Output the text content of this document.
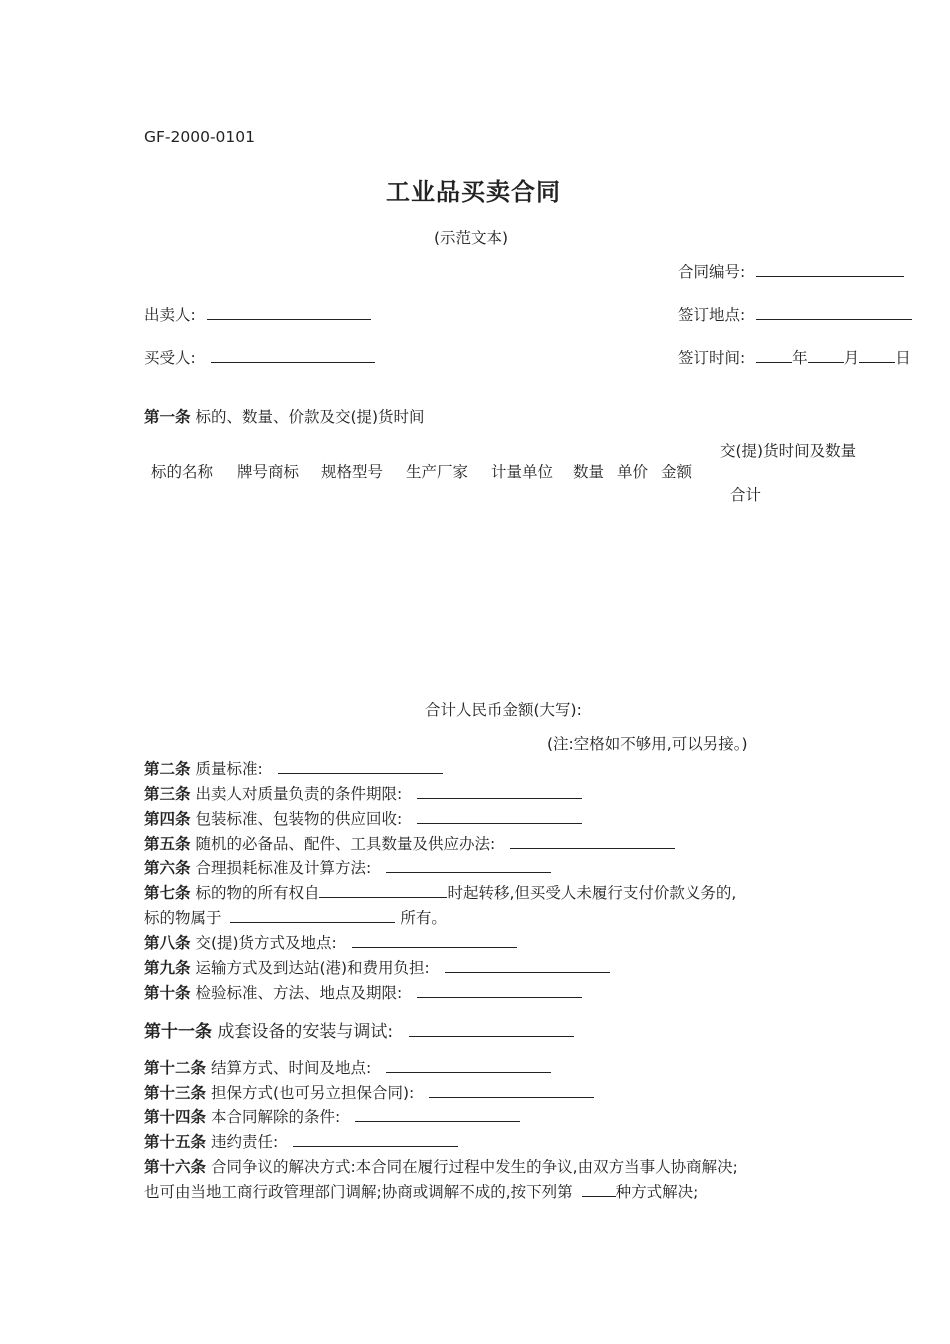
GF-2000-0101
工业品买卖合同
(示范文本)
合同编号:
出卖人:	签订地点:
买受人:	签订时间:	年 月 日
第一条 标的、数量、价款及交(提)货时间
交(提)货时间及数量
合计
标的名称 牌号商标 规格型号 生产厂家 计量单位 数量 单价 金额
合计人民币金额(大写):
(注:空格如不够用,可以另接。)
第二条 质量标准:
第三条 出卖人对质量负责的条件期限:
第四条 包装标准、包装物的供应回收:
第五条 随机的必备品、配件、工具数量及供应办法:
第六条 合理损耗标准及计算方法:
第七条 标的物的所有权自	时起转移,但买受人未履行支付价款义务的,
标的物属于	所有。
第八条 交(提)货方式及地点:
第九条 运输方式及到达站(港)和费用负担:
第十条 检验标准、方法、地点及期限:
第十一条 成套设备的安装与调试:
第十二条 结算方式、时间及地点:
第十三条 担保方式(也可另立担保合同):
第十四条 本合同解除的条件:
第十五条 违约责任:
第十六条 合同争议的解决方式:本合同在履行过程中发生的争议,由双方当事人协商解决;
也可由当地工商行政管理部门调解;协商或调解不成的,按下列第	种方式解决;
